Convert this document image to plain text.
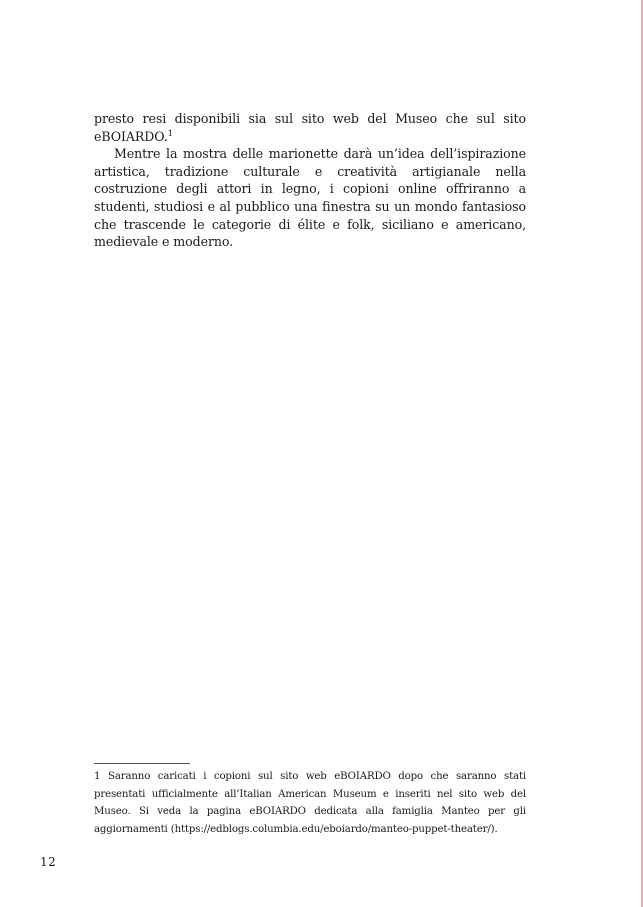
presto resi disponibili sia sul sito web del Museo che sul sito eBOIARDO.$^1$

Mentre la mostra delle marionette darà un’idea dell’ispirazione artistica, tradizione culturale e creatività artigianale nella costruzione degli attori in legno, i copioni online offriranno a studenti, studiosi e al pubblico una finestra su un mondo fantasioso che trascende le categorie di élite e folk, siciliano e americano, medievale e moderno.

1 Saranno caricati i copioni sul sito web eBOIARDO dopo che saranno stati presentati ufficialmente all’Italian American Museum e inseriti nel sito web del Museo. Si veda la pagina eBOIARDO dedicata alla famiglia Manteo per gli aggiornamenti (https://edblogs.columbia.​edu/eboiardo/manteo-puppet-theater/).
12
